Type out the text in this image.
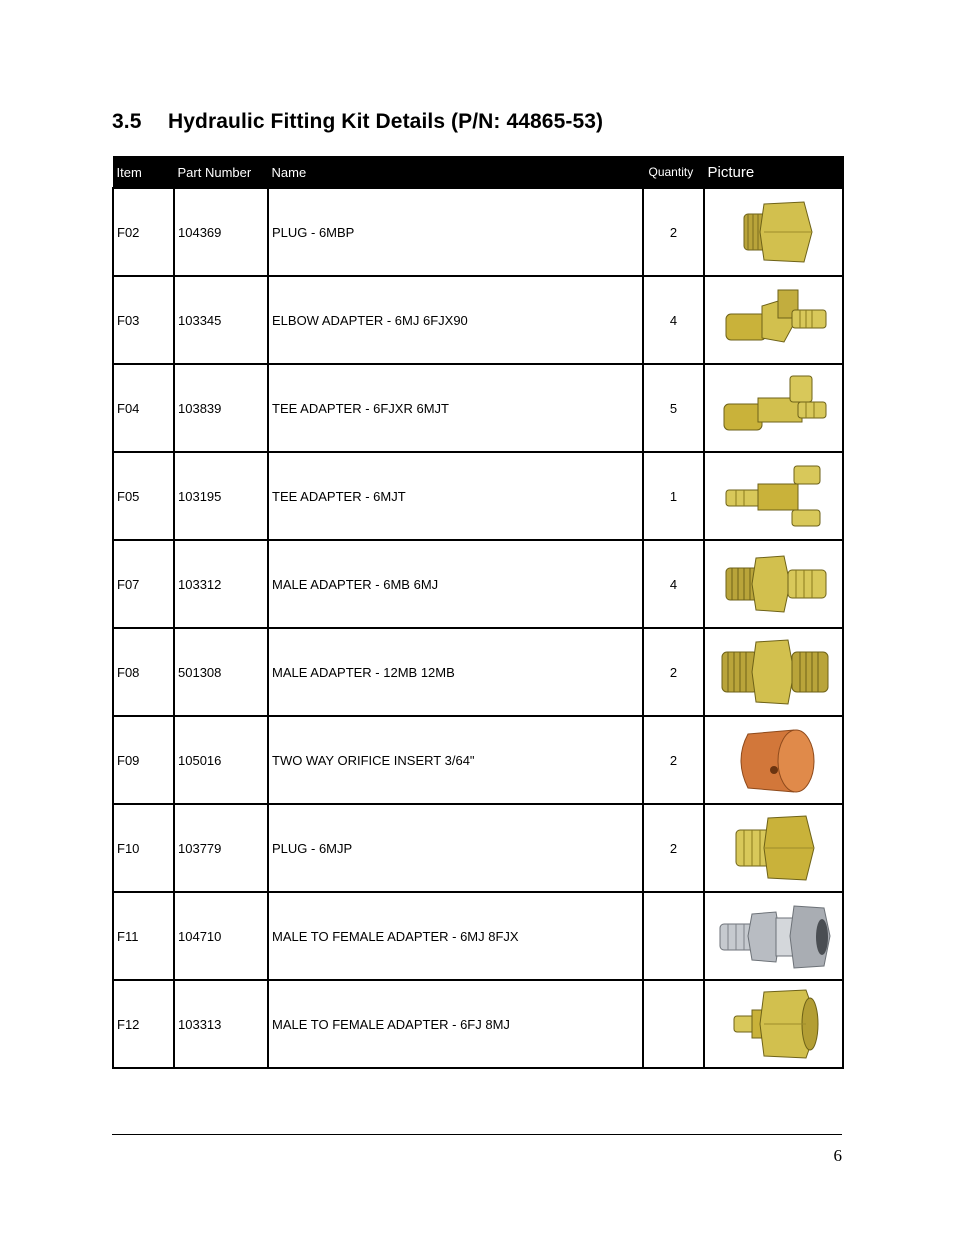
3.5 Hydraulic Fitting Kit Details (P/N: 44865-53)
Item	Part Number	Name	Quantity	Picture
F02	104369	PLUG - 6MBP	2	

F03	103345	ELBOW ADAPTER - 6MJ 6FJX90	4	

F04	103839	TEE ADAPTER - 6FJXR 6MJT	5	

F05	103195	TEE ADAPTER - 6MJT	1	

F07	103312	MALE ADAPTER - 6MB 6MJ	4	

F08	501308	MALE ADAPTER - 12MB 12MB	2	

F09	105016	TWO WAY ORIFICE INSERT 3/64"	2	

F10	103779	PLUG - 6MJP	2	

F11	104710	MALE TO FEMALE ADAPTER - 6MJ 8FJX		

F12	103313	MALE TO FEMALE ADAPTER - 6FJ 8MJ		
6
